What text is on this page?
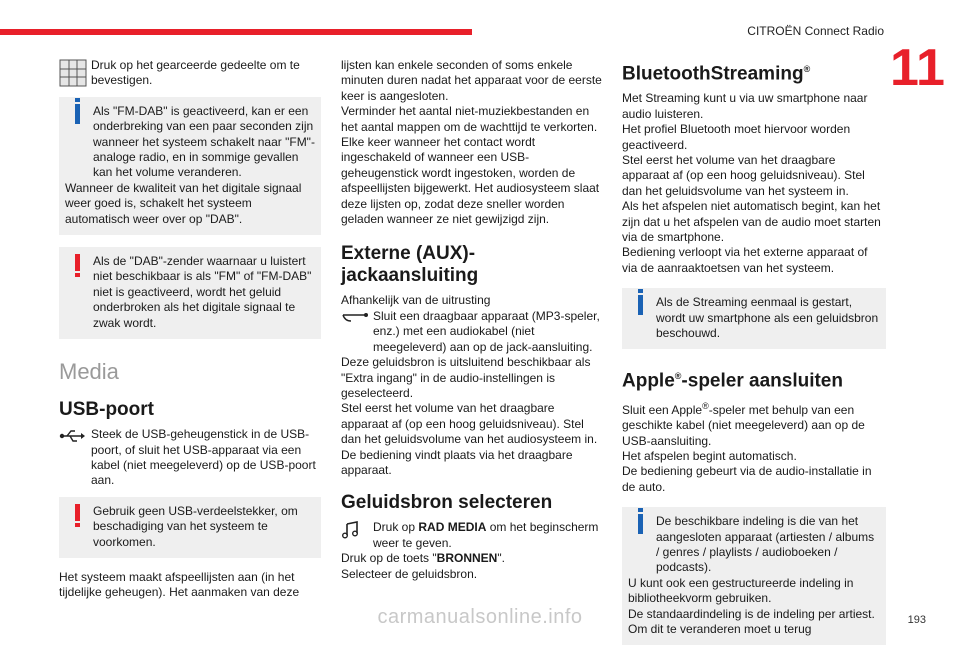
CITROËN Connect Radio
11

Druk op het gearceerde gedeelte om te bevestigen.

Als "FM-DAB" is geactiveerd, kan er een onderbreking van een paar seconden zijn wanneer het systeem schakelt naar "FM"-analoge radio, en in sommige gevallen kan het volume veranderen.

Wanneer de kwaliteit van het digitale signaal weer goed is, schakelt het systeem automatisch weer over op "DAB".

Als de "DAB"-zender waarnaar u luistert niet beschikbaar is als "FM" of "FM-DAB" niet is geactiveerd, wordt het geluid onderbroken als het digitale signaal te zwak wordt.

Media
USB-poort

Steek de USB-geheugenstick in de USB-poort, of sluit het USB-apparaat via een kabel (niet meegeleverd) op de USB-poort aan.

Gebruik geen USB-verdeelstekker, om beschadiging van het systeem te voorkomen.

Het systeem maakt afspeellijsten aan (in het tijdelijke geheugen). Het aanmaken van deze

lijsten kan enkele seconden of soms enkele minuten duren nadat het apparaat voor de eerste keer is aangesloten.

Verminder het aantal niet-muziekbestanden en het aantal mappen om de wachttijd te verkorten.

Elke keer wanneer het contact wordt ingeschakeld of wanneer een USB-geheugenstick wordt ingestoken, worden de afspeellijsten bijgewerkt. Het audiosysteem slaat deze lijsten op, zodat deze sneller worden geladen wanneer ze niet gewijzigd zijn.

Externe (AUX)-jackaansluiting

Afhankelijk van de uitrusting

Sluit een draagbaar apparaat (MP3-speler, enz.) met een audiokabel (niet meegeleverd) aan op de jack-aansluiting.

Deze geluidsbron is uitsluitend beschikbaar als "Extra ingang" in de audio-instellingen is geselecteerd.

Stel eerst het volume van het draagbare apparaat af (op een hoog geluidsniveau). Stel dan het geluidsvolume van het audiosysteem in.

De bediening vindt plaats via het draagbare apparaat.

Geluidsbron selecteren

Druk op RAD MEDIA om het beginscherm weer te geven.

Druk op de toets "BRONNEN".

Selecteer de geluidsbron.

BluetoothStreaming®

Met Streaming kunt u via uw smartphone naar audio luisteren.

Het profiel Bluetooth moet hiervoor worden geactiveerd.

Stel eerst het volume van het draagbare apparaat af (op een hoog geluidsniveau). Stel dan het geluidsvolume van het systeem in.

Als het afspelen niet automatisch begint, kan het zijn dat u het afspelen van de audio moet starten via de smartphone.

Bediening verloopt via het externe apparaat of via de aanraaktoetsen van het systeem.

Als de Streaming eenmaal is gestart, wordt uw smartphone als een geluidsbron beschouwd.

Apple®-speler aansluiten

Sluit een Apple®-speler met behulp van een geschikte kabel (niet meegeleverd) aan op de USB-aansluiting.

Het afspelen begint automatisch.

De bediening gebeurt via de audio-installatie in de auto.

De beschikbare indeling is die van het aangesloten apparaat (artiesten / albums / genres / playlists / audioboeken / podcasts).

U kunt ook een gestructureerde indeling in bibliotheekvorm gebruiken.

De standaardindeling is de indeling per artiest. Om dit te veranderen moet u terug

carmanualsonline.info	193
